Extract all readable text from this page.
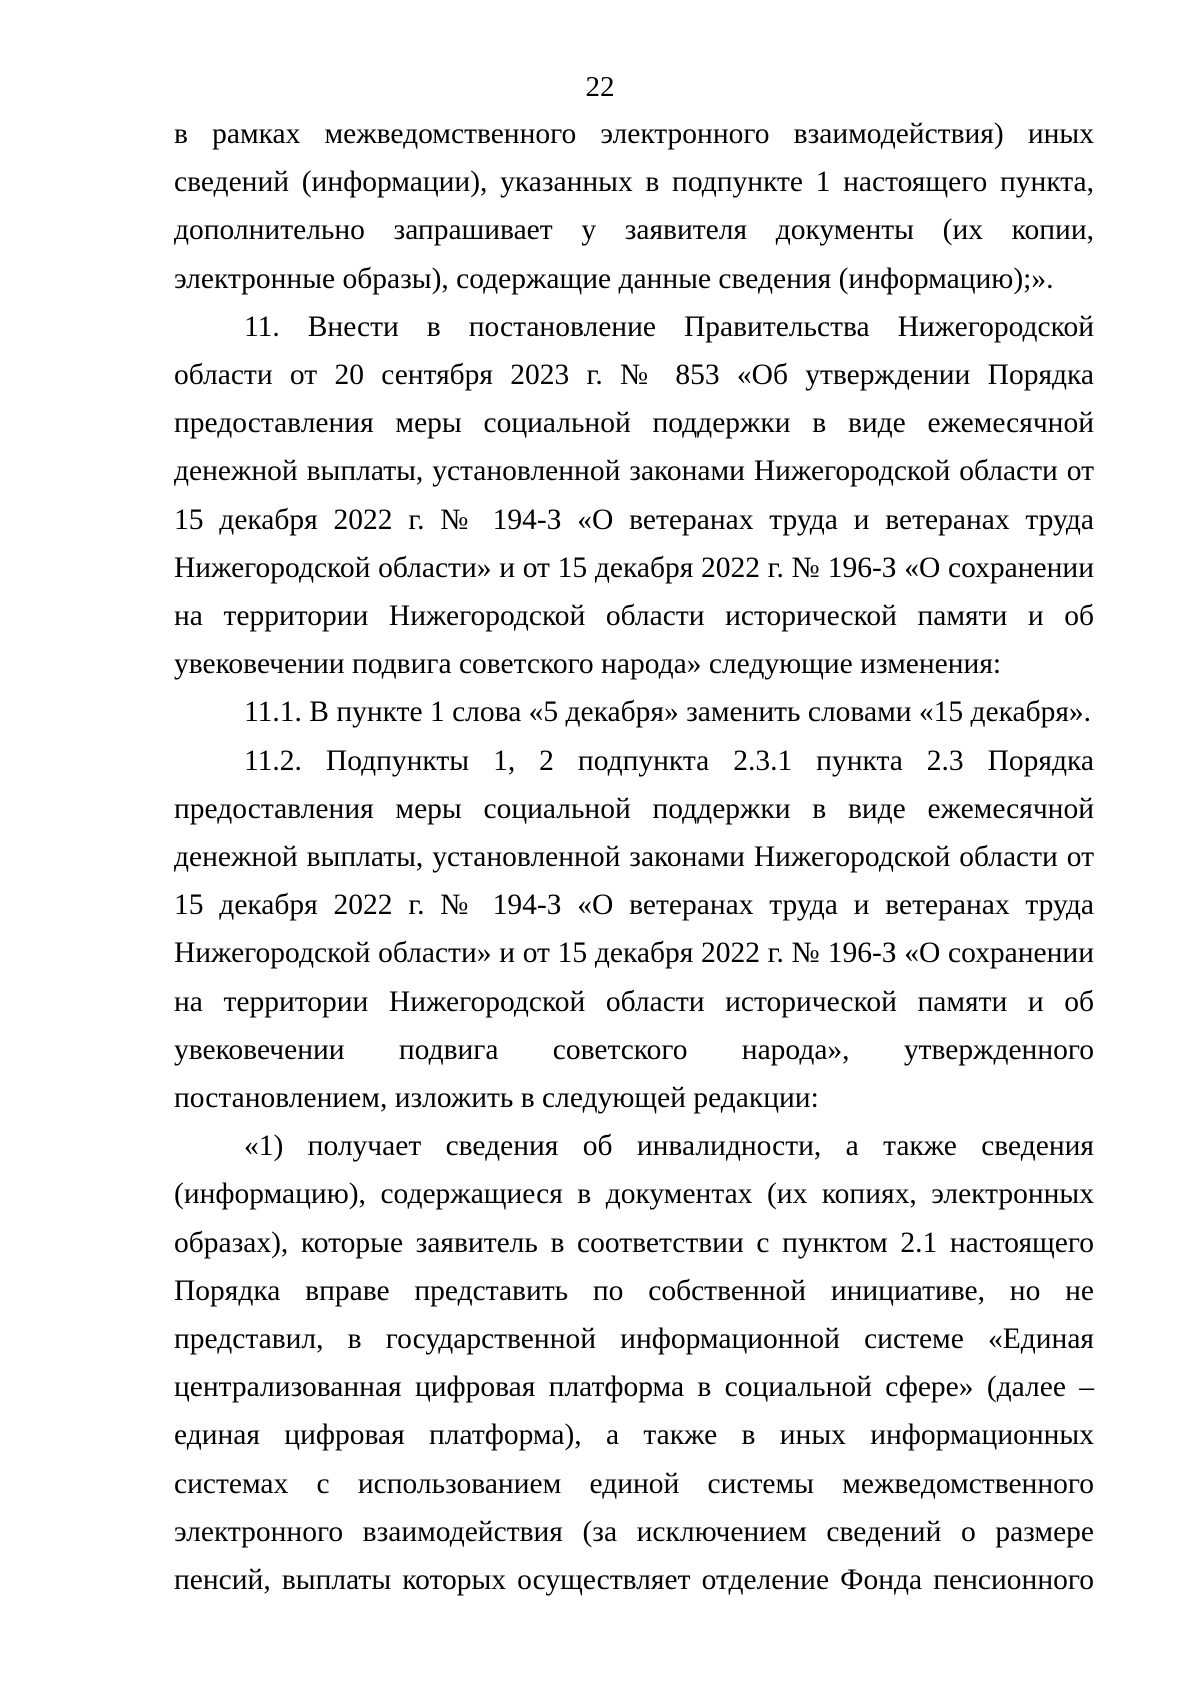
22

в рамках межведомственного электронного взаимодействия) иных сведений (информации), указанных в подпункте 1 настоящего пункта, дополнительно запрашивает у заявителя документы (их копии, электронные образы), содержащие данные сведения (информацию);».

11. Внести в постановление Правительства Нижегородской области от 20 сентября 2023 г. № 853 «Об утверждении Порядка предоставления меры социальной поддержки в виде ежемесячной денежной выплаты, установленной законами Нижегородской области от 15 декабря 2022 г. № 194-З «О ветеранах труда и ветеранах труда Нижегородской области» и от 15 декабря 2022 г. № 196-З «О сохранении на территории Нижегородской области исторической памяти и об увековечении подвига советского народа» следующие изменения:

11.1. В пункте 1 слова «5 декабря» заменить словами «15 декабря».

11.2. Подпункты 1, 2 подпункта 2.3.1 пункта 2.3 Порядка предоставления меры социальной поддержки в виде ежемесячной денежной выплаты, установленной законами Нижегородской области от 15 декабря 2022 г. № 194-З «О ветеранах труда и ветеранах труда Нижегородской области» и от 15 декабря 2022 г. № 196-З «О сохранении на территории Нижегородской области исторической памяти и об увековечении подвига советского народа», утвержденного постановлением, изложить в следующей редакции:

«1) получает сведения об инвалидности, а также сведения (информацию), содержащиеся в документах (их копиях, электронных образах), которые заявитель в соответствии с пунктом 2.1 настоящего Порядка вправе представить по собственной инициативе, но не представил, в государственной информационной системе «Единая централизованная цифровая платформа в социальной сфере» (далее – единая цифровая платформа), а также в иных информационных системах с использованием единой системы межведомственного электронного взаимодействия (за исключением сведений о размере пенсий, выплаты которых осуществляет отделение Фонда пенсионного
